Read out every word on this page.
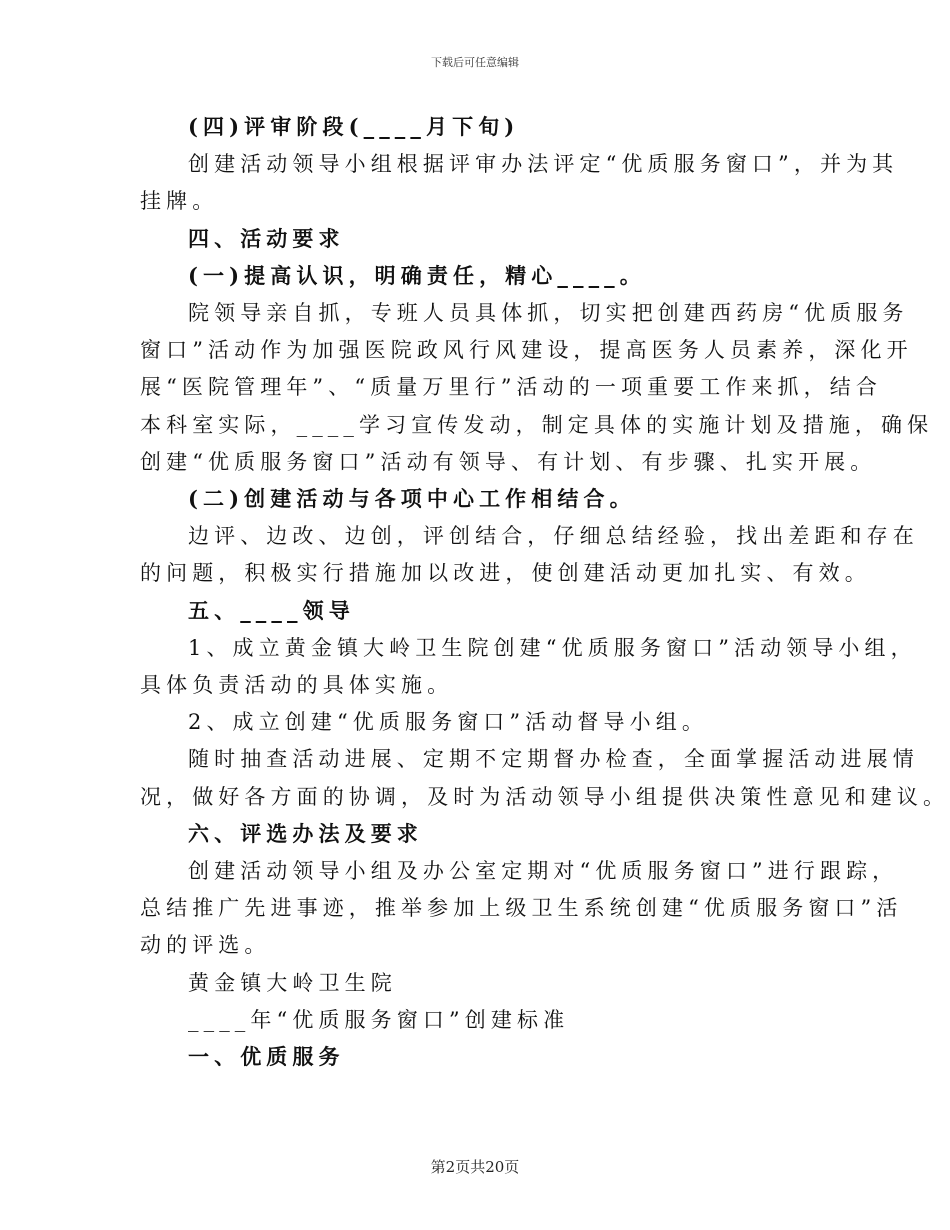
下载后可任意编辑
(四)评审阶段(____月下旬)
创建活动领导小组根据评审办法评定“优质服务窗口”，并为其
挂牌。
四、活动要求
(一)提高认识，明确责任，精心____。
院领导亲自抓，专班人员具体抓，切实把创建西药房“优质服务
窗口”活动作为加强医院政风行风建设，提高医务人员素养，深化开
展“医院管理年”、“质量万里行”活动的一项重要工作来抓，结合
本科室实际，____学习宣传发动，制定具体的实施计划及措施，确保
创建“优质服务窗口”活动有领导、有计划、有步骤、扎实开展。
(二)创建活动与各项中心工作相结合。
边评、边改、边创，评创结合，仔细总结经验，找出差距和存在
的问题，积极实行措施加以改进，使创建活动更加扎实、有效。
五、____领导
1、成立黄金镇大岭卫生院创建“优质服务窗口”活动领导小组，
具体负责活动的具体实施。
2、成立创建“优质服务窗口”活动督导小组。
随时抽查活动进展、定期不定期督办检查，全面掌握活动进展情
况，做好各方面的协调，及时为活动领导小组提供决策性意见和建议。
六、评选办法及要求
创建活动领导小组及办公室定期对“优质服务窗口”进行跟踪，
总结推广先进事迹，推举参加上级卫生系统创建“优质服务窗口”活
动的评选。
黄金镇大岭卫生院
____年“优质服务窗口”创建标准
一、优质服务
第2页共20页
